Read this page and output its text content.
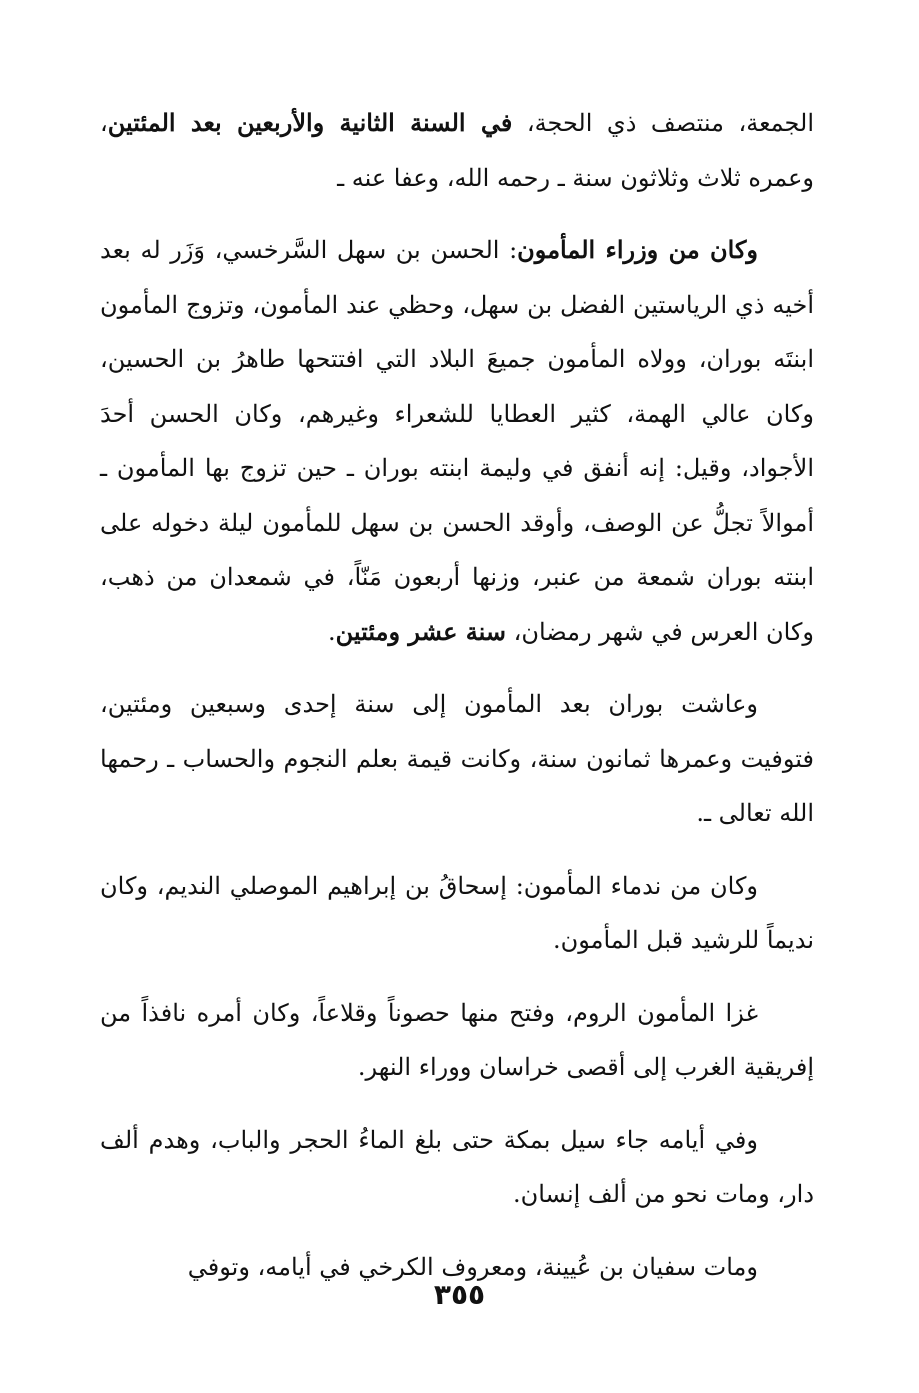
الجمعة، منتصف ذي الحجة، في السنة الثانية والأربعين بعد المئتين، وعمره ثلاث وثلاثون سنة ـ رحمه الله، وعفا عنه ـ

وكان من وزراء المأمون: الحسن بن سهل السَّرخسي، وَزَر له بعد أخيه ذي الرياستين الفضل بن سهل، وحظي عند المأمون، وتزوج المأمون ابنتَه بوران، وولاه المأمون جميعَ البلاد التي افتتحها طاهرُ بن الحسين، وكان عالي الهمة، كثير العطايا للشعراء وغيرهم، وكان الحسن أحدَ الأجواد، وقيل: إنه أنفق في وليمة ابنته بوران ـ حين تزوج بها المأمون ـ أموالاً تجلُّ عن الوصف، وأوقد الحسن بن سهل للمأمون ليلة دخوله على ابنته بوران شمعة من عنبر، وزنها أربعون مَنّاً، في شمعدان من ذهب، وكان العرس في شهر رمضان، سنة عشر ومئتين.

وعاشت بوران بعد المأمون إلى سنة إحدى وسبعين ومئتين، فتوفيت وعمرها ثمانون سنة، وكانت قيمة بعلم النجوم والحساب ـ رحمها الله تعالى ـ.

وكان من ندماء المأمون: إسحاقُ بن إبراهيم الموصلي النديم، وكان نديماً للرشيد قبل المأمون.

غزا المأمون الروم، وفتح منها حصوناً وقلاعاً، وكان أمره نافذاً من إفريقية الغرب إلى أقصى خراسان ووراء النهر.

وفي أيامه جاء سيل بمكة حتى بلغ الماءُ الحجر والباب، وهدم ألف دار، ومات نحو من ألف إنسان.

ومات سفيان بن عُيينة، ومعروف الكرخي في أيامه، وتوفي

٣٥٥
